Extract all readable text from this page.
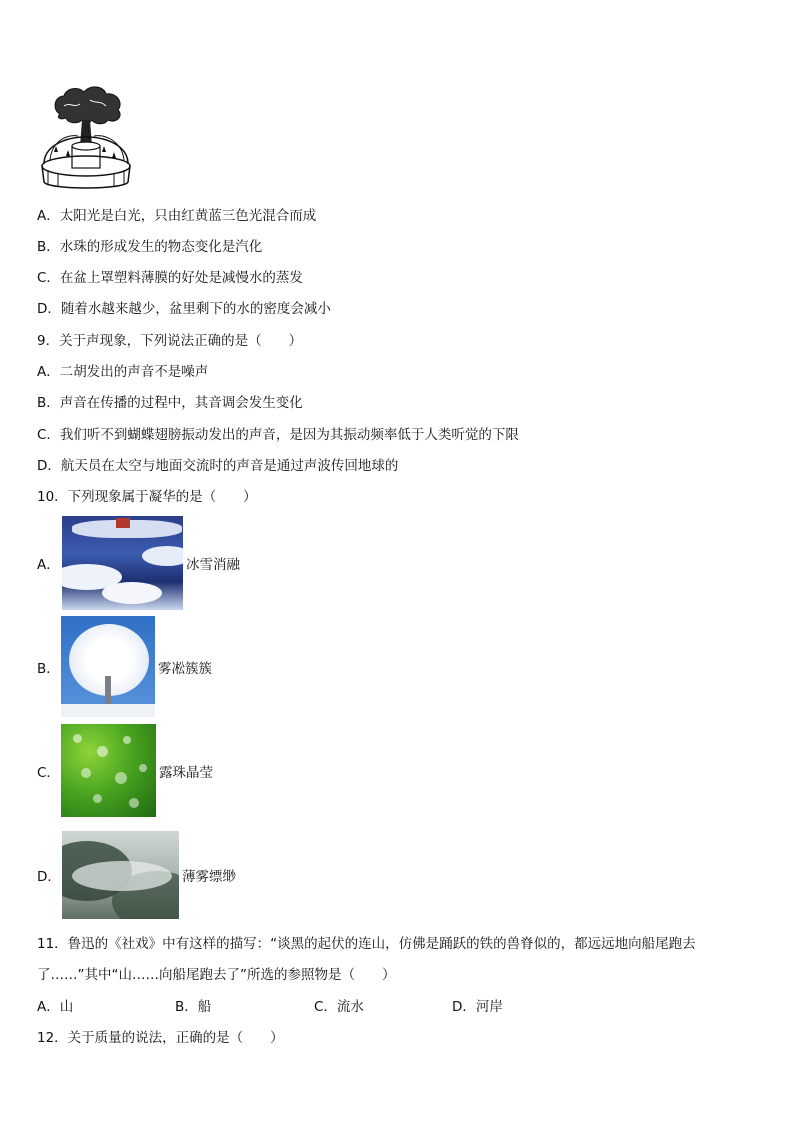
A．太阳光是白光，只由红黄蓝三色光混合而成
B．水珠的形成发生的物态变化是汽化
C．在盆上罩塑料薄膜的好处是减慢水的蒸发
D．随着水越来越少，盆里剩下的水的密度会减小
9．关于声现象，下列说法正确的是（　　）
A．二胡发出的声音不是噪声
B．声音在传播的过程中，其音调会发生变化
C．我们听不到蝴蝶翅膀振动发出的声音，是因为其振动频率低于人类听觉的下限
D．航天员在太空与地面交流时的声音是通过声波传回地球的
10．下列现象属于凝华的是（　　）
A．	冰雪消融
B．	雾凇簇簇
C．	露珠晶莹
D．	薄雾缥缈
11．鲁迅的《社戏》中有这样的描写：“谈黑的起伏的连山，仿佛是踊跃的铁的兽脊似的，都远远地向船尾跑去
了……”其中“山……向船尾跑去了”所选的参照物是（　　）
A．山	B．船	C．流水	D．河岸
12．关于质量的说法，正确的是（　　）
